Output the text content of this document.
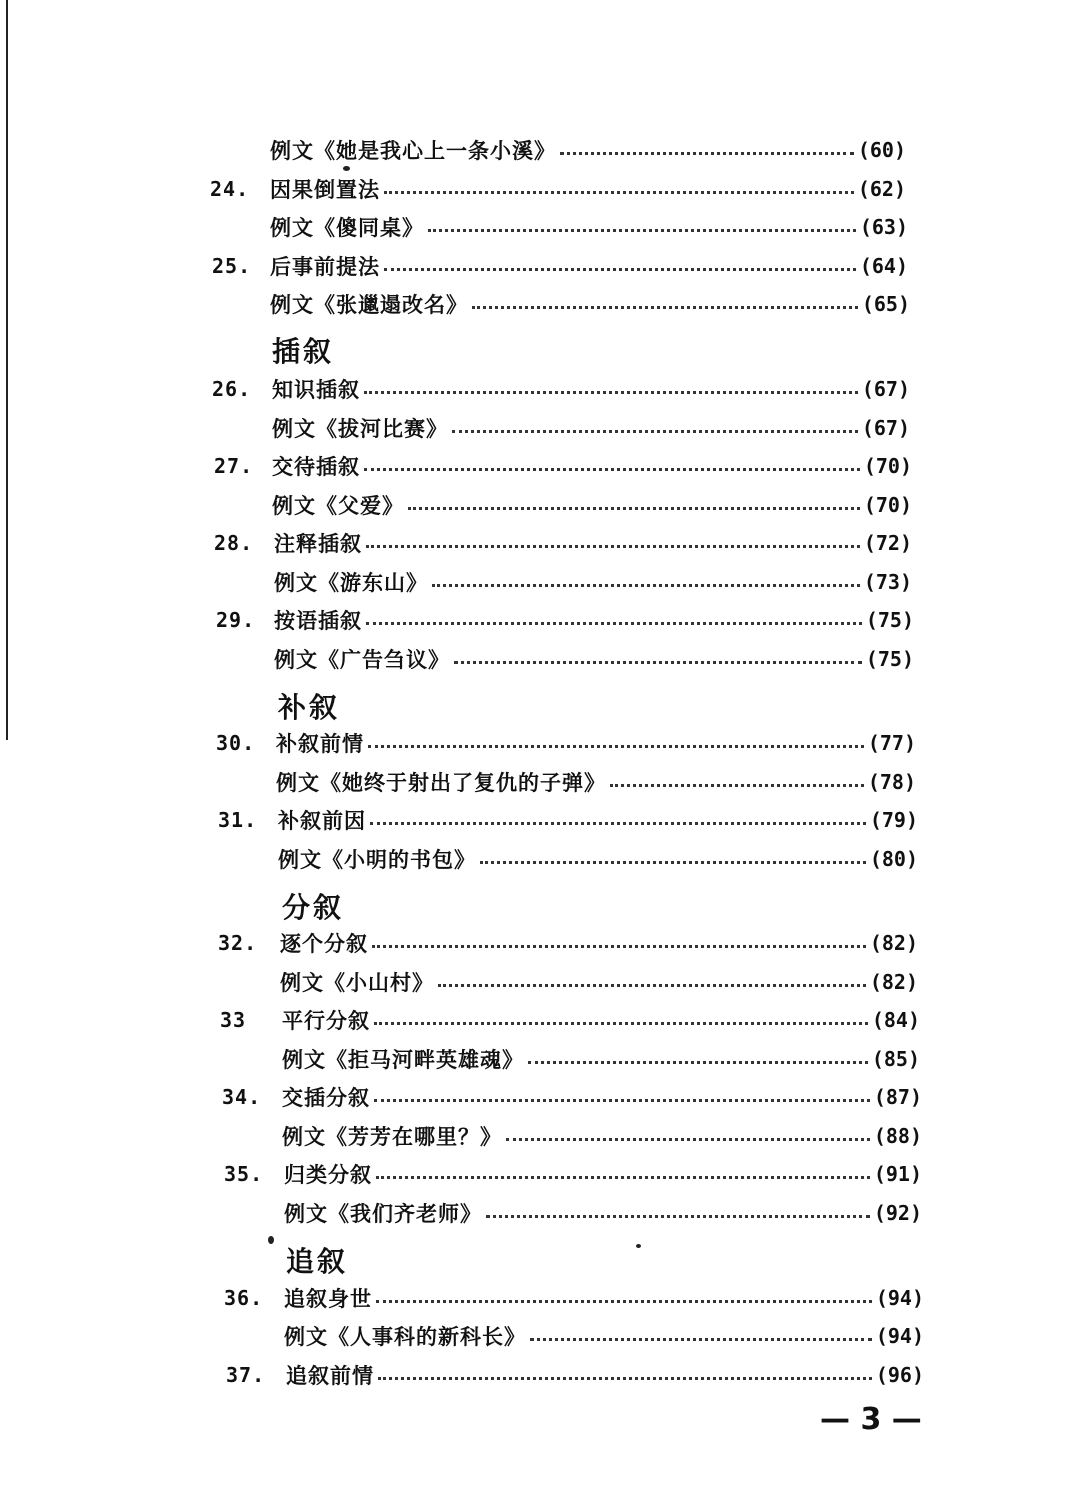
例文《她是我心上一条小溪》	(60)
24. 因果倒置法	(62)
例文《傻同桌》	(63)
25. 后事前提法	(64)
例文《张邋遢改名》	(65)
26. 知识插叙	(67)
例文《拔河比赛》	(67)
27. 交待插叙	(70)
例文《父爱》	(70)
28. 注释插叙	(72)
例文《游东山》	(73)
29. 按语插叙	(75)
例文《广告刍议》	(75)
30. 补叙前情	(77)
例文《她终于射出了复仇的子弹》	(78)
31. 补叙前因	(79)
例文《小明的书包》	(80)
32.	逐个分叙	(82)
例文《小山村》	(82)
33	平行分叙	(84)
例文《拒马河畔英雄魂》	(85)
34. 交插分叙	(87)
例文《芳芳在哪里？》	(88)
35. 归类分叙	(91)
例文《我们齐老师》	(92)
36. 追叙身世	(94)
例文《人事科的新科长》	(94)
37. 追叙前情	(96)
插叙
补叙
分叙
追叙
— 3 —
